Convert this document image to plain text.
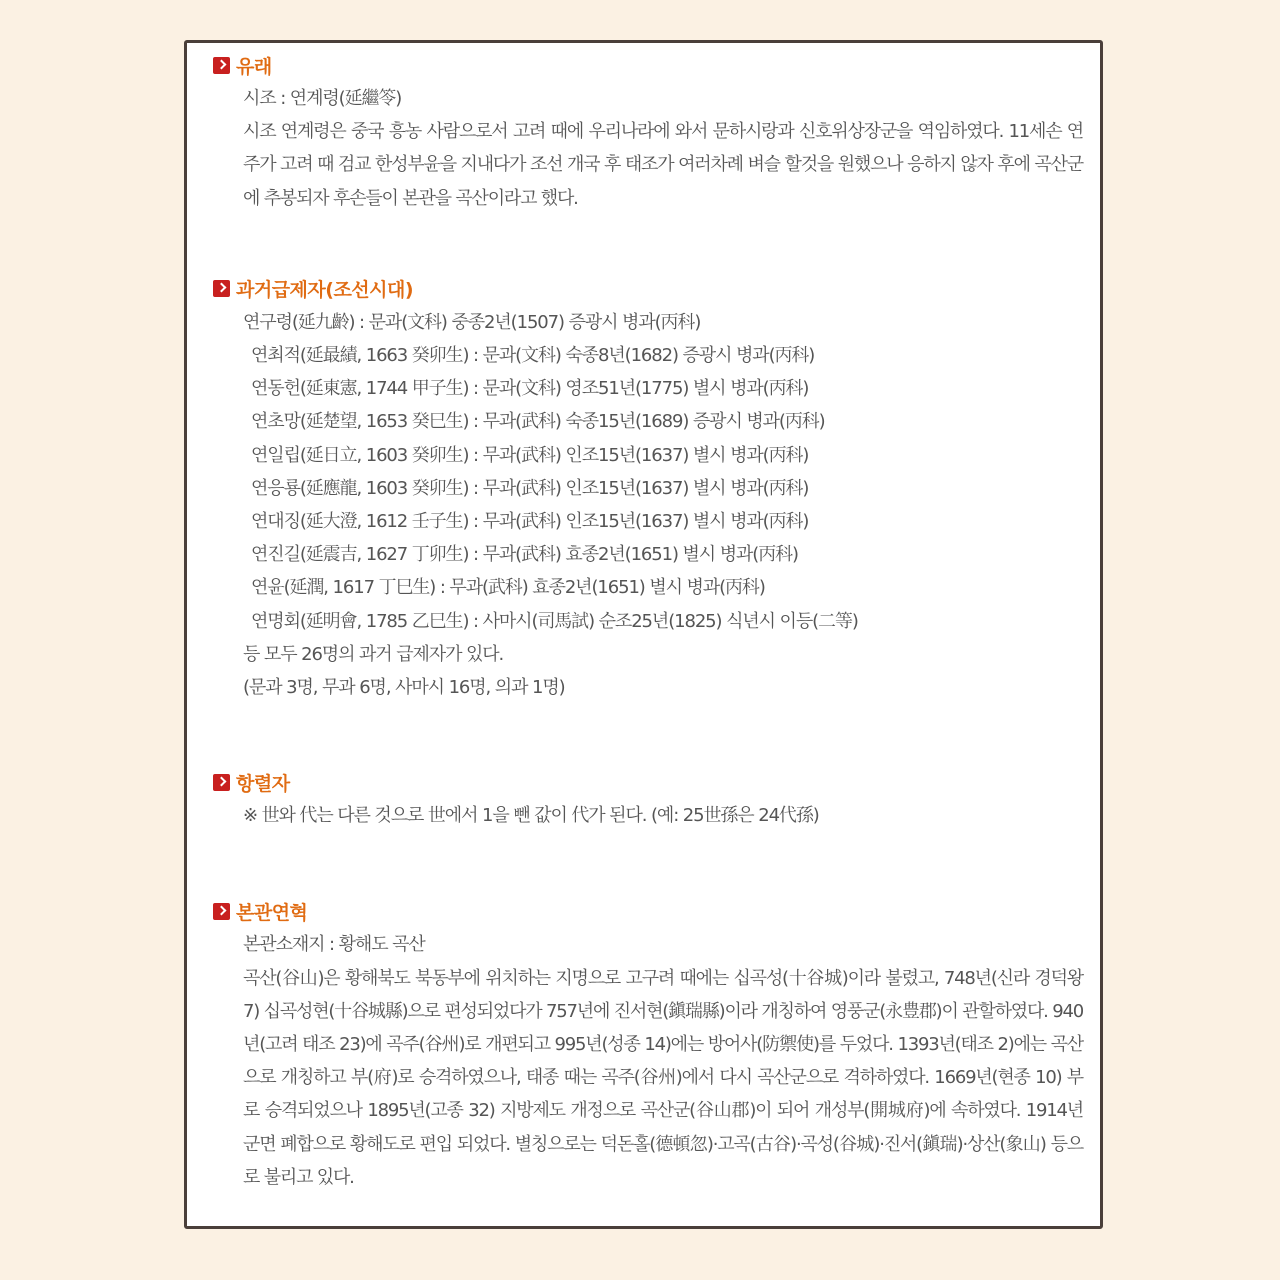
유래
시조 : 연계령(延繼笭)
시조 연계령은 중국 흥농 사람으로서 고려 때에 우리나라에 와서 문하시랑과 신호위상장군을 역임하였다. 11세손 연주가 고려 때 검교 한성부윤을 지내다가 조선 개국 후 태조가 여러차례 벼슬 할것을 원했으나 응하지 않자 후에 곡산군에 추봉되자 후손들이 본관을 곡산이라고 했다.
과거급제자(조선시대)
연구령(延九齡) : 문과(文科) 중종2년(1507) 증광시 병과(丙科)
연최적(延最績, 1663 癸卯生) : 문과(文科) 숙종8년(1682) 증광시 병과(丙科)
연동헌(延東憲, 1744 甲子生) : 문과(文科) 영조51년(1775) 별시 병과(丙科)
연초망(延楚望, 1653 癸巳生) : 무과(武科) 숙종15년(1689) 증광시 병과(丙科)
연일립(延日立, 1603 癸卯生) : 무과(武科) 인조15년(1637) 별시 병과(丙科)
연응룡(延應龍, 1603 癸卯生) : 무과(武科) 인조15년(1637) 별시 병과(丙科)
연대징(延大澄, 1612 壬子生) : 무과(武科) 인조15년(1637) 별시 병과(丙科)
연진길(延震吉, 1627 丁卯生) : 무과(武科) 효종2년(1651) 별시 병과(丙科)
연윤(延潤, 1617 丁巳生) : 무과(武科) 효종2년(1651) 별시 병과(丙科)
연명회(延明會, 1785 乙巳生) : 사마시(司馬試) 순조25년(1825) 식년시 이등(二等)
등 모두 26명의 과거 급제자가 있다.
(문과 3명, 무과 6명, 사마시 16명, 의과 1명)
항렬자
※ 世와 代는 다른 것으로 世에서 1을 뺀 값이 代가 된다. (예: 25世孫은 24代孫)
본관연혁
본관소재지 : 황해도 곡산
곡산(谷山)은 황해북도 북동부에 위치하는 지명으로 고구려 때에는 십곡성(十谷城)이라 불렸고, 748년(신라 경덕왕 7) 십곡성현(十谷城縣)으로 편성되었다가 757년에 진서현(鎭瑞縣)이라 개칭하여 영풍군(永豊郡)이 관할하였다. 940년(고려 태조 23)에 곡주(谷州)로 개편되고 995년(성종 14)에는 방어사(防禦使)를 두었다. 1393년(태조 2)에는 곡산으로 개칭하고 부(府)로 승격하였으나, 태종 때는 곡주(谷州)에서 다시 곡산군으로 격하하였다. 1669년(현종 10) 부로 승격되었으나 1895년(고종 32) 지방제도 개정으로 곡산군(谷山郡)이 되어 개성부(開城府)에 속하였다. 1914년 군면 폐합으로 황해도로 편입 되었다. 별칭으로는 덕돈홀(德頓忽)·고곡(古谷)·곡성(谷城)·진서(鎭瑞)·상산(象山) 등으로 불리고 있다.
